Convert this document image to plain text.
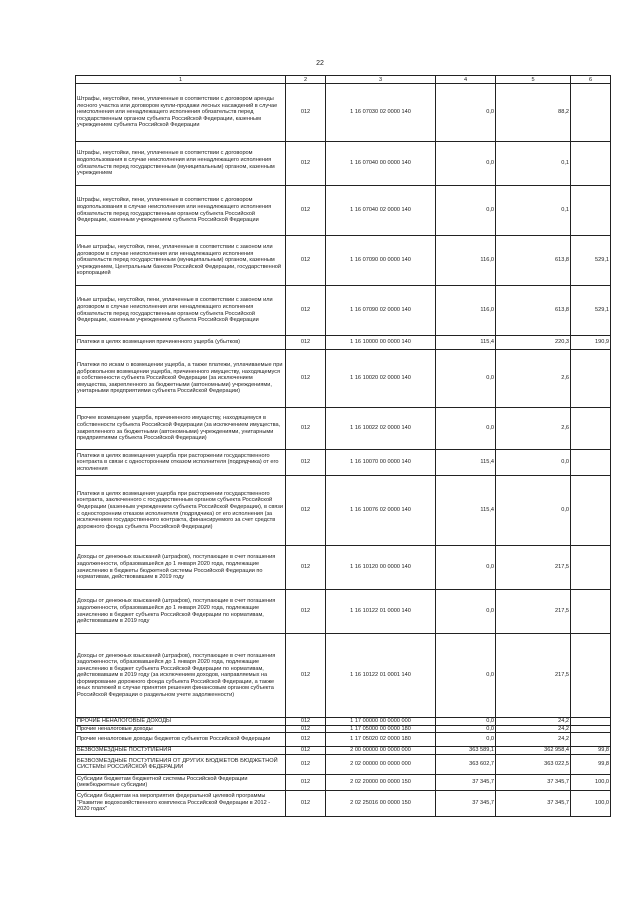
22
1	2	3	4	5	6
Штрафы, неустойки, пени, уплаченные в соответствии с договором аренды лесного участка или договором купли-продажи лесных насаждений в случае неисполнения или ненадлежащего исполнения обязательств перед государственным органом субъекта Российской Федерации, казенным учреждением субъекта Российской Федерации	012	1 16 07030 02 0000 140	0,0	88,2	
Штрафы, неустойки, пени, уплаченные в соответствии с договором водопользования в случае неисполнения или ненадлежащего исполнения обязательств перед государственным (муниципальным) органом, казенным учреждением	012	1 16 07040 00 0000 140	0,0	0,1	
Штрафы, неустойки, пени, уплаченные в соответствии с договором водопользования в случае неисполнения или ненадлежащего исполнения обязательств перед государственным органом субъекта Российской Федерации, казенным учреждением субъекта Российской Федерации	012	1 16 07040 02 0000 140	0,0	0,1	
Иные штрафы, неустойки, пени, уплаченные в соответствии с законом или договором в случае неисполнения или ненадлежащего исполнения обязательств перед государственным (муниципальным) органом, казенным учреждением, Центральным банком Российской Федерации, государственной корпорацией	012	1 16 07090 00 0000 140	116,0	613,8	529,1
Иные штрафы, неустойки, пени, уплаченные в соответствии с законом или договором в случае неисполнения или ненадлежащего исполнения обязательств перед государственным органом субъекта Российской Федерации, казенным учреждением субъекта Российской Федерации	012	1 16 07090 02 0000 140	116,0	613,8	529,1
Платежи в целях возмещения причиненного ущерба (убытков)	012	1 16 10000 00 0000 140	115,4	220,3	190,9
Платежи по искам о возмещении ущерба, а также платежи, уплачиваемые при добровольном возмещении ущерба, причиненного имуществу, находящемуся в собственности субъекта Российской Федерации (за исключением имущества, закрепленного за бюджетными (автономными) учреждениями, унитарными предприятиями субъекта Российской Федерации)	012	1 16 10020 02 0000 140	0,0	2,6	
Прочее возмещение ущерба, причиненного имуществу, находящемуся в собственности субъекта Российской Федерации (за исключением имущества, закрепленного за бюджетными (автономными) учреждениями, унитарными предприятиями субъекта Российской Федерации)	012	1 16 10022 02 0000 140	0,0	2,6	
Платежи в целях возмещения ущерба при расторжении государственного контракта в связи с односторонним отказом исполнителя (подрядчика) от его исполнения	012	1 16 10070 00 0000 140	115,4	0,0	
Платежи в целях возмещения ущерба при расторжении государственного контракта, заключенного с государственным органом субъекта Российской Федерации (казенным учреждением субъекта Российской Федерации), в связи с односторонним отказом исполнителя (подрядчика) от его исполнения (за исключением государственного контракта, финансируемого за счет средств дорожного фонда субъекта Российской Федерации)	012	1 16 10076 02 0000 140	115,4	0,0	
Доходы от денежных взысканий (штрафов), поступающие в счет погашения задолженности, образовавшейся до 1 января 2020 года, подлежащие зачислению в бюджеты бюджетной системы Российской Федерации по нормативам, действовавшим в 2019 году	012	1 16 10120 00 0000 140	0,0	217,5	
Доходы от денежных взысканий (штрафов), поступающие в счет погашения задолженности, образовавшейся до 1 января 2020 года, подлежащие зачислению в бюджет субъекта Российской Федерации по нормативам, действовавшим в 2019 году	012	1 16 10122 01 0000 140	0,0	217,5	
Доходы от денежных взысканий (штрафов), поступающие в счет погашения задолженности, образовавшейся до 1 января 2020 года, подлежащие зачислению в бюджет субъекта Российской Федерации по нормативам, действовавшим в 2019 году (за исключением доходов, направляемых на формирование дорожного фонда субъекта Российской Федерации, а также иных платежей в случае принятия решения финансовым органом субъекта Российской Федерации о раздельном учете задолженности)	012	1 16 10122 01 0001 140	0,0	217,5	
ПРОЧИЕ НЕНАЛОГОВЫЕ ДОХОДЫ	012	1 17 00000 00 0000 000	0,0	24,2	
Прочие неналоговые доходы	012	1 17 05000 00 0000 180	0,0	24,2	
Прочие неналоговые доходы бюджетов субъектов Российской Федерации	012	1 17 05020 02 0000 180	0,0	24,2	
БЕЗВОЗМЕЗДНЫЕ ПОСТУПЛЕНИЯ	012	2 00 00000 00 0000 000	363 589,1	362 958,4	99,8
БЕЗВОЗМЕЗДНЫЕ ПОСТУПЛЕНИЯ ОТ ДРУГИХ БЮДЖЕТОВ БЮДЖЕТНОЙ СИСТЕМЫ РОССИЙСКОЙ ФЕДЕРАЦИИ	012	2 02 00000 00 0000 000	363 602,7	363 022,5	99,8
Субсидии бюджетам бюджетной системы Российской Федерации (межбюджетные субсидии)	012	2 02 20000 00 0000 150	37 345,7	37 345,7	100,0
Субсидии бюджетам на мероприятия федеральной целевой программы "Развитие водохозяйственного комплекса Российской Федерации в 2012 - 2020 годах"	012	2 02 25016 00 0000 150	37 345,7	37 345,7	100,0
